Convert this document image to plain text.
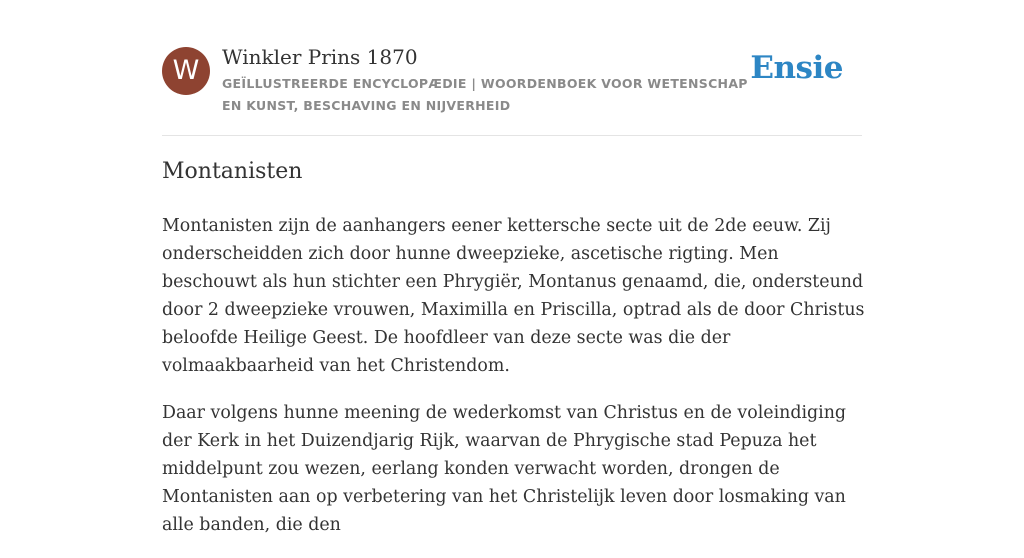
W	Winkler Prins 1870
GEÏLLUSTREERDE ENCYCLOPÆDIE | WOORDENBOEK VOOR WETENSCHAP EN KUNST, BESCHAVING EN NIJVERHEID
Ensie
Montanisten

Montanisten zijn de aanhangers eener kettersche secte uit de 2de eeuw. Zij onderscheidden zich door hunne dweepzieke, ascetische rigting. Men beschouwt als hun stichter een Phrygiër, Montanus genaamd, die, ondersteund door 2 dweepzieke vrouwen, Maximilla en Priscilla, optrad als de door Christus beloofde Heilige Geest. De hoofdleer van deze secte was die der volmaakbaarheid van het Christendom.

Daar volgens hunne meening de wederkomst van Christus en de voleindiging der Kerk in het Duizendjarig Rijk, waarvan de Phrygische stad Pepuza het middelpunt zou wezen, eerlang konden verwacht worden, drongen de Montanisten aan op verbetering van het Christelijk leven door losmaking van alle banden, die den
